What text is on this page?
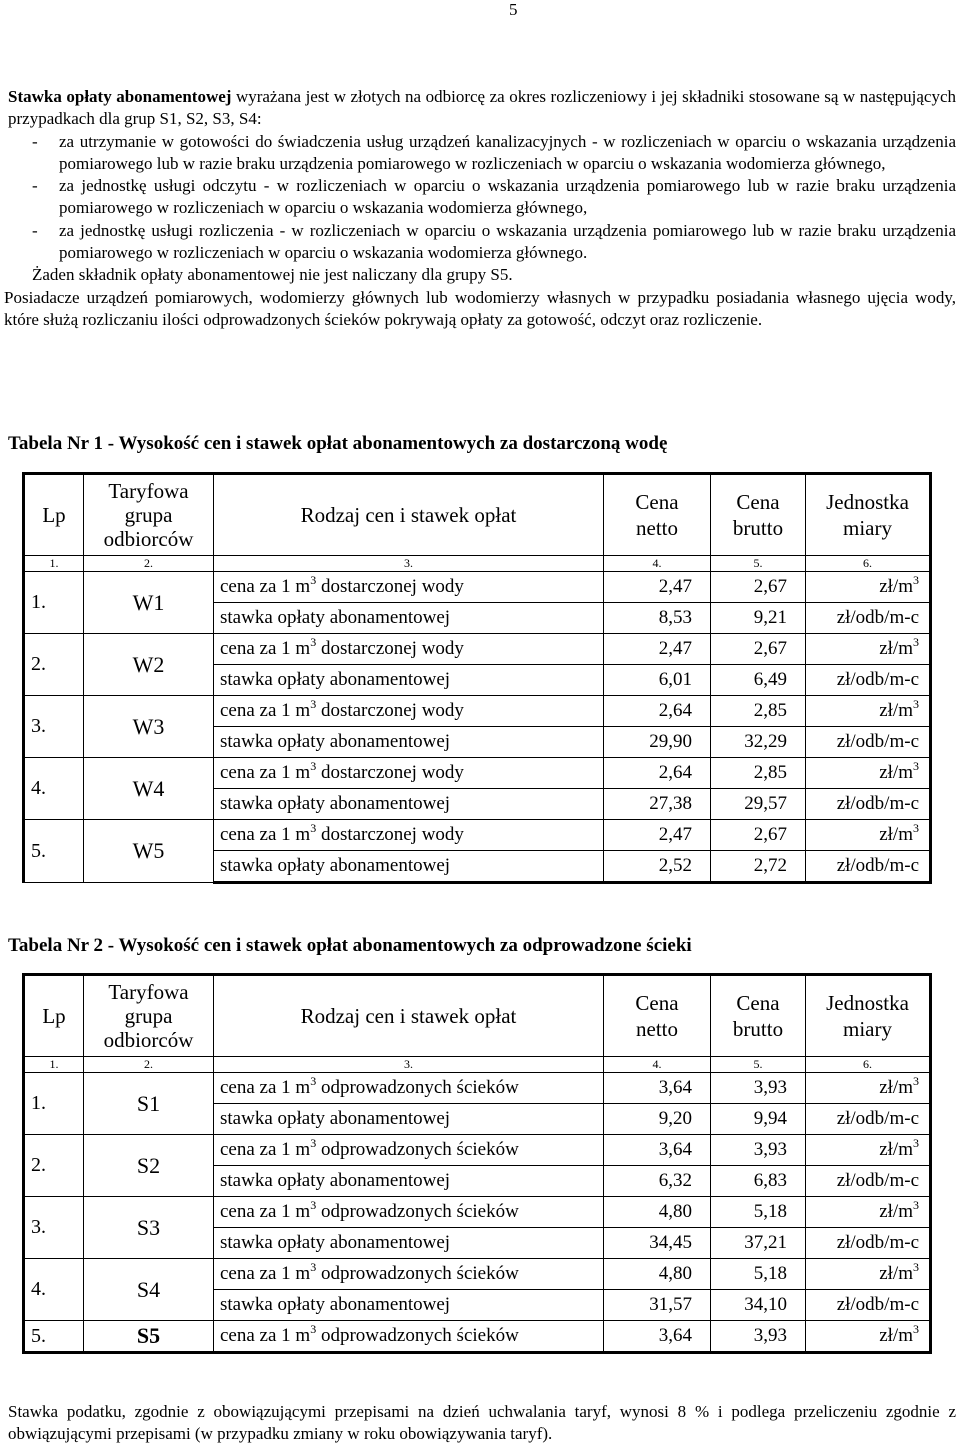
5

Stawka opłaty abonamentowej wyrażana jest w złotych na odbiorcę za okres rozliczeniowy i jej składniki stosowane są w następujących przypadkach dla grup S1, S2, S3, S4:

- za utrzymanie w gotowości do świadczenia usług urządzeń kanalizacyjnych - w rozliczeniach w oparciu o wskazania urządzenia pomiarowego lub w razie braku urządzenia pomiarowego w rozliczeniach w oparciu o wskazania wodomierza głównego,

- za jednostkę usługi odczytu - w rozliczeniach w oparciu o wskazania urządzenia pomiarowego lub w razie braku urządzenia pomiarowego w rozliczeniach w oparciu o wskazania wodomierza głównego,

- za jednostkę usługi rozliczenia - w rozliczeniach w oparciu o wskazania urządzenia pomiarowego lub w razie braku urządzenia pomiarowego w rozliczeniach w oparciu o wskazania wodomierza głównego.

Żaden składnik opłaty abonamentowej nie jest naliczany dla grupy S5.

Posiadacze urządzeń pomiarowych, wodomierzy głównych lub wodomierzy własnych w przypadku posiadania własnego ujęcia wody, które służą rozliczaniu ilości odprowadzonych ścieków pokrywają opłaty za gotowość, odczyt oraz rozliczenie.

Tabela Nr 1 - Wysokość cen i stawek opłat abonamentowych za dostarczoną wodę
Lp	Taryfowa grupa odbiorców	Rodzaj cen i stawek opłat	Cena netto	Cena brutto	Jednostka miary
1.	2.	3.	4.	5.	6.
1.	W1	cena za 1 $m^3$ dostarczonej wody	2,47	2,67	$zł/m^3$
		stawka opłaty abonamentowej	8,53	9,21	zł/odb/m-c
2.	W2	cena za 1 $m^3$ dostarczonej wody	2,47	2,67	$zł/m^3$
		stawka opłaty abonamentowej	6,01	6,49	zł/odb/m-c
3.	W3	cena za 1 $m^3$ dostarczonej wody	2,64	2,85	$zł/m^3$
		stawka opłaty abonamentowej	29,90	32,29	zł/odb/m-c
4.	W4	cena za 1 $m^3$ dostarczonej wody	2,64	2,85	$zł/m^3$
		stawka opłaty abonamentowej	27,38	29,57	zł/odb/m-c
5.	W5	cena za 1 $m^3$ dostarczonej wody	2,47	2,67	$zł/m^3$
		stawka opłaty abonamentowej	2,52	2,72	zł/odb/m-c
Tabela Nr 2 - Wysokość cen i stawek opłat abonamentowych za odprowadzone ścieki
Lp	Taryfowa grupa odbiorców	Rodzaj cen i stawek opłat	Cena netto	Cena brutto	Jednostka miary
1.	2.	3.	4.	5.	6.
1.	S1	cena za 1 $m^3$ odprowadzonych ścieków	3,64	3,93	$zł/m^3$
		stawka opłaty abonamentowej	9,20	9,94	zł/odb/m-c
2.	S2	cena za 1 $m^3$ odprowadzonych ścieków	3,64	3,93	$zł/m^3$
		stawka opłaty abonamentowej	6,32	6,83	zł/odb/m-c
3.	S3	cena za 1 $m^3$ odprowadzonych ścieków	4,80	5,18	$zł/m^3$
		stawka opłaty abonamentowej	34,45	37,21	zł/odb/m-c
4.	S4	cena za 1 $m^3$ odprowadzonych ścieków	4,80	5,18	$zł/m^3$
		stawka opłaty abonamentowej	31,57	34,10	zł/odb/m-c
5.	S5	cena za 1 $m^3$ odprowadzonych ścieków	3,64	3,93	$zł/m^3$
Stawka podatku, zgodnie z obowiązującymi przepisami na dzień uchwalania taryf, wynosi 8 % i podlega przeliczeniu zgodnie z obwiązującymi przepisami (w przypadku zmiany w roku obowiązywania taryf).
